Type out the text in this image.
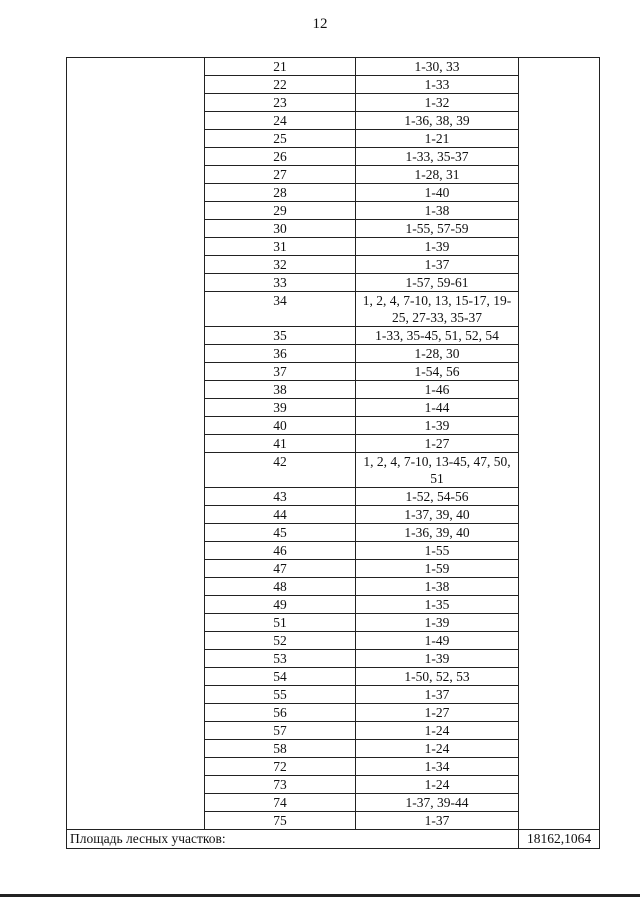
12
	21	1-30, 33	
	22	1-33	
	23	1-32	
	24	1-36, 38, 39	
	25	1-21	
	26	1-33, 35-37	
	27	1-28, 31	
	28	1-40	
	29	1-38	
	30	1-55, 57-59	
	31	1-39	
	32	1-37	
	33	1-57, 59-61	
	34	1, 2, 4, 7-10, 13, 15-17, 19-25, 27-33, 35-37	
	35	1-33, 35-45, 51, 52, 54	
	36	1-28, 30	
	37	1-54, 56	
	38	1-46	
	39	1-44	
	40	1-39	
	41	1-27	
	42	1, 2, 4, 7-10, 13-45, 47, 50, 51	
	43	1-52, 54-56	
	44	1-37, 39, 40	
	45	1-36, 39, 40	
	46	1-55	
	47	1-59	
	48	1-38	
	49	1-35	
	51	1-39	
	52	1-49	
	53	1-39	
	54	1-50, 52, 53	
	55	1-37	
	56	1-27	
	57	1-24	
	58	1-24	
	72	1-34	
	73	1-24	
	74	1-37, 39-44	
	75	1-37	
Площадь лесных участков:			18162,1064
